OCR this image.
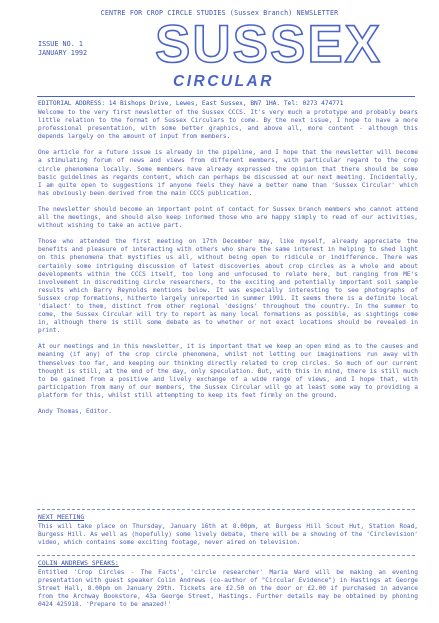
CENTRE FOR CROP CIRCLE STUDIES (Sussex Branch) NEWSLETTER
ISSUE NO. 1
JANUARY 1992 SUSSEX
CIRCULAR
EDITORIAL ADDRESS: 14 Bishops Drive, Lewes, East Sussex, BN7 1HA. Tel: 0273 474771

Welcome to the very first newsletter of the Sussex CCCS. It's very much a prototype and probably bears little relation to the format of Sussex Circulars to come. By the next issue, I hope to have a more professional presentation, with some better graphics, and above all, more content - although this depends largely on the amount of input from members.

One article for a future issue is already in the pipeline, and I hope that the newsletter will become a stimulating forum of news and views from different members, with particular regard to the crop circle phenomena locally. Some members have already expressed the opinion that there should be some basic guidelines as regards content, which can perhaps be discussed at our next meeting. Incidentally, I am quite open to suggestions if anyone feels they have a better name than 'Sussex Circular' which has obviously been derived from the main CCCS publication.

The newsletter should become an important point of contact for Sussex branch members who cannot attend all the meetings, and should also keep informed those who are happy simply to read of our activities, without wishing to take an active part.

Those who attended the first meeting on 17th December may, like myself, already appreciate the benefits and pleasure of interacting with others who share the same interest in helping to shed light on this phenomena that mystifies us all, without being open to ridicule or indifference. There was certainly some intriguing discussion of latest discoveries about crop circles as a whole and about developments within the CCCS itself, too long and unfocused to relate here, but ranging from ME's involvement in discrediting circle researchers, to the exciting and potentially important soil sample results which Barry Reynolds mentions below. It was especially interesting to see photographs of Sussex crop formations, hitherto largely unreported in summer 1991. It seems there is a definite local 'dialect' to them, distinct from other regional 'designs' throughout the country. In the summer to come, the Sussex Circular will try to report as many local formations as possible, as sightings come in, although there is still some debate as to whether or not exact locations should be revealed in print.

At our meetings and in this newsletter, it is important that we keep an open mind as to the causes and meaning (if any) of the crop circle phenomena, whilst not letting our imaginations run away with themselves too far, and keeping our thinking directly related to crop circles. So much of our current thought is still, at the end of the day, only speculation. But, with this in mind, there is still much to be gained from a positive and lively exchange of a wide range of views, and I hope that, with participation from many of our members, the Sussex Circular will go at least some way to providing a platform for this, whilst still attempting to keep its feet firmly on the ground.

Andy Thomas, Editor.

NEXT MEETING
This will take place on Thursday, January 16th at 8.00pm, at Burgess Hill Scout Hut, Station Road, Burgess Hill. As well as (hopefully) some lively debate, there will be a showing of the 'Circlevision' video, which contains some exciting footage, never aired on television.
COLIN ANDREWS SPEAKS:
Entitled 'Crop Circles - The Facts', 'circle researcher' Maria Ward will be making an evening presentation with guest speaker Colin Andrews (co-author of "Circular Evidence") in Hastings at George Street Hall, 8.00pm on January 29th. Tickets are £2.50 on the door or £2.00 if purchased in advance from the Archway Bookstore, 43a George Street, Hastings. Further details may be obtained by phoning 0424 425918. 'Prepare to be amazed!'
